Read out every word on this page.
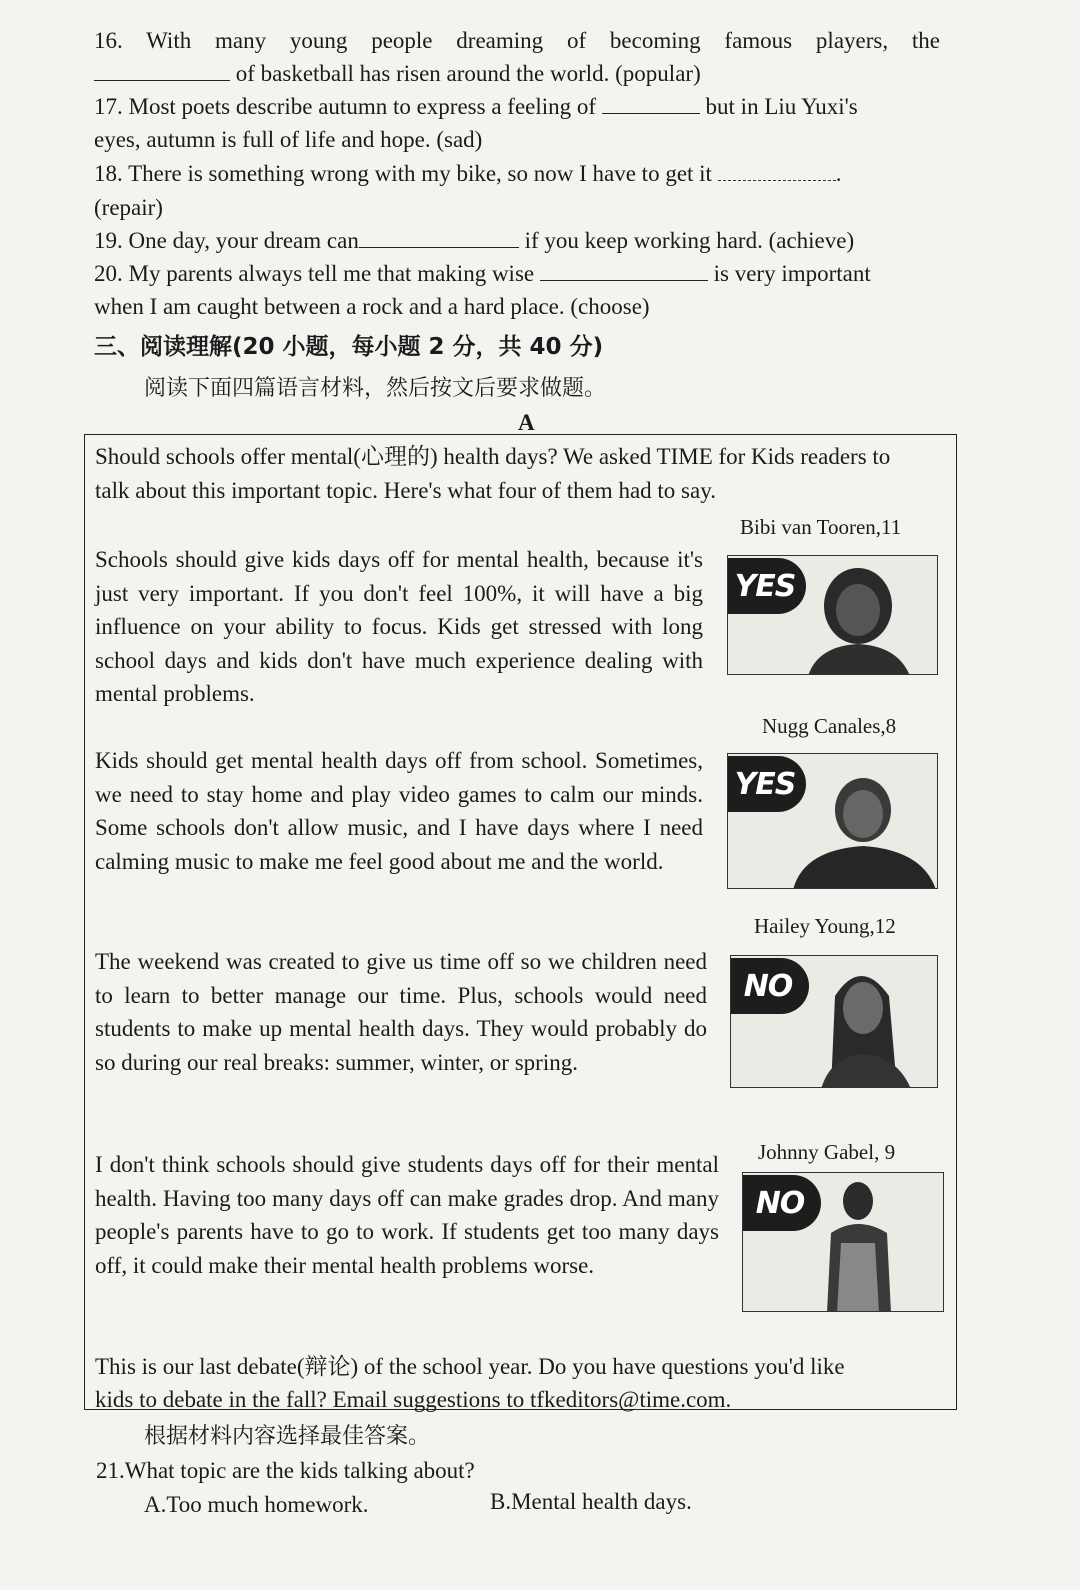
16. With many young people dreaming of becoming famous players, the
of basketball has risen around the world. (popular)
17. Most poets describe autumn to express a feeling of	but in Liu Yuxi's
eyes, autumn is full of life and hope. (sad)
18. There is something wrong with my bike, so now I have to get it	.
(repair)
19. One day, your dream can	if you keep working hard. (achieve)
20. My parents always tell me that making wise	is very important
when I am caught between a rock and a hard place. (choose)
三、阅读理解(20 小题，每小题 2 分，共 40 分)
阅读下面四篇语言材料，然后按文后要求做题。
A
Should schools offer mental(心理的) health days? We asked TIME for Kids readers to
talk about this important topic. Here's what four of them had to say.
Bibi van Tooren,11
Schools should give kids days off for mental health, because it's just very important. If you don't feel 100%, it will have a big influence on your ability to focus. Kids get stressed with long school days and kids don't have much experience dealing with mental problems.
YES
Nugg Canales,8
Kids should get mental health days off from school. Sometimes, we need to stay home and play video games to calm our minds. Some schools don't allow music, and I have days where I need calming music to make me feel good about me and the world.
YES
Hailey Young,12
The weekend was created to give us time off so we children need to learn to better manage our time. Plus, schools would need students to make up mental health days. They would probably do so during our real breaks: summer, winter, or spring.
NO
Johnny Gabel, 9
I don't think schools should give students days off for their mental health. Having too many days off can make grades drop. And many people's parents have to go to work. If students get too many days off, it could make their mental health problems worse.
NO
This is our last debate(辩论) of the school year. Do you have questions you'd like
kids to debate in the fall? Email suggestions to tfkeditors@time.com.
根据材料内容选择最佳答案。
21.What topic are the kids talking about?
A.Too much homework.	B.Mental health days.
